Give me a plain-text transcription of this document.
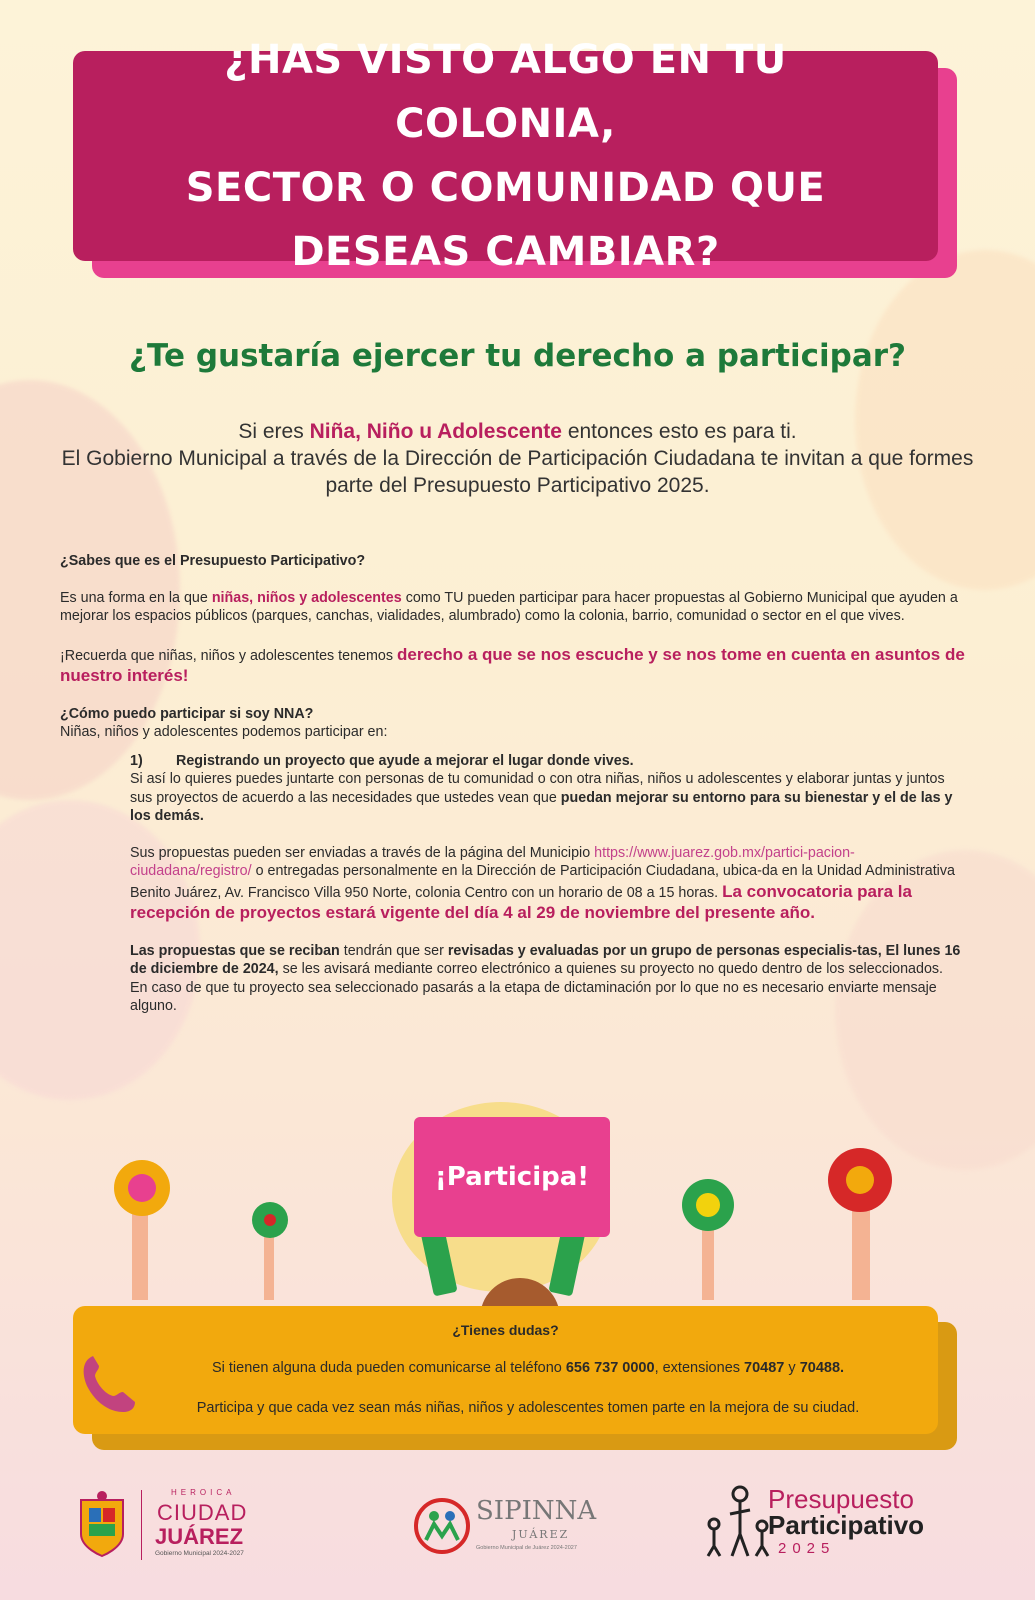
¿HAS VISTO ALGO EN TU COLONIA,
SECTOR O COMUNIDAD QUE
DESEAS CAMBIAR?
¿Te gustaría ejercer tu derecho a participar?
Si eres Niña, Niño u Adolescente entonces esto es para ti.
El Gobierno Municipal a través de la Dirección de Participación Ciudadana te invitan a que formes parte del Presupuesto Participativo 2025.

¿Sabes que es el Presupuesto Participativo?

Es una forma en la que niñas, niños y adolescentes como TU pueden participar para hacer propuestas al Gobierno Municipal que ayuden a mejorar los espacios públicos (parques, canchas, vialidades, alumbrado) como la colonia, barrio, comunidad o sector en el que vives.

¡Recuerda que niñas, niños y adolescentes tenemos derecho a que se nos escuche y se nos tome en cuenta en asuntos de nuestro interés!

¿Cómo puedo participar si soy NNA?

Niñas, niños y adolescentes podemos participar en:

1) Registrando un proyecto que ayude a mejorar el lugar donde vives.

Si así lo quieres puedes juntarte con personas de tu comunidad o con otra niñas, niños u adolescentes y elaborar juntas y juntos sus proyectos de acuerdo a las necesidades que ustedes vean que puedan mejorar su entorno para su bienestar y el de las y los demás.

Sus propuestas pueden ser enviadas a través de la página del Municipio https://www.juarez.gob.mx/partici-pacion-ciudadana/registro/ o entregadas personalmente en la Dirección de Participación Ciudadana, ubica-da en la Unidad Administrativa Benito Juárez, Av. Francisco Villa 950 Norte, colonia Centro con un horario de 08 a 15 horas. La convocatoria para la recepción de proyectos estará vigente del día 4 al 29 de noviembre del presente año.

Las propuestas que se reciban tendrán que ser revisadas y evaluadas por un grupo de personas especialis-tas, El lunes 16 de diciembre de 2024, se les avisará mediante correo electrónico a quienes su proyecto no quedo dentro de los seleccionados.

En caso de que tu proyecto sea seleccionado pasarás a la etapa de dictaminación por lo que no es necesario enviarte mensaje alguno.

¡Participa!
¿Tienes dudas?
Si tienen alguna duda pueden comunicarse al teléfono 656 737 0000, extensiones 70487 y 70488.
Participa y que cada vez sean más niñas, niños y adolescentes tomen parte en la mejora de su ciudad.
HEROICA
CIUDAD
JUÁREZ
Gobierno Municipal 2024-2027
SIPINNA
JUÁREZ
Gobierno Municipal de Juárez 2024-2027
Presupuesto
Participativo
2025
